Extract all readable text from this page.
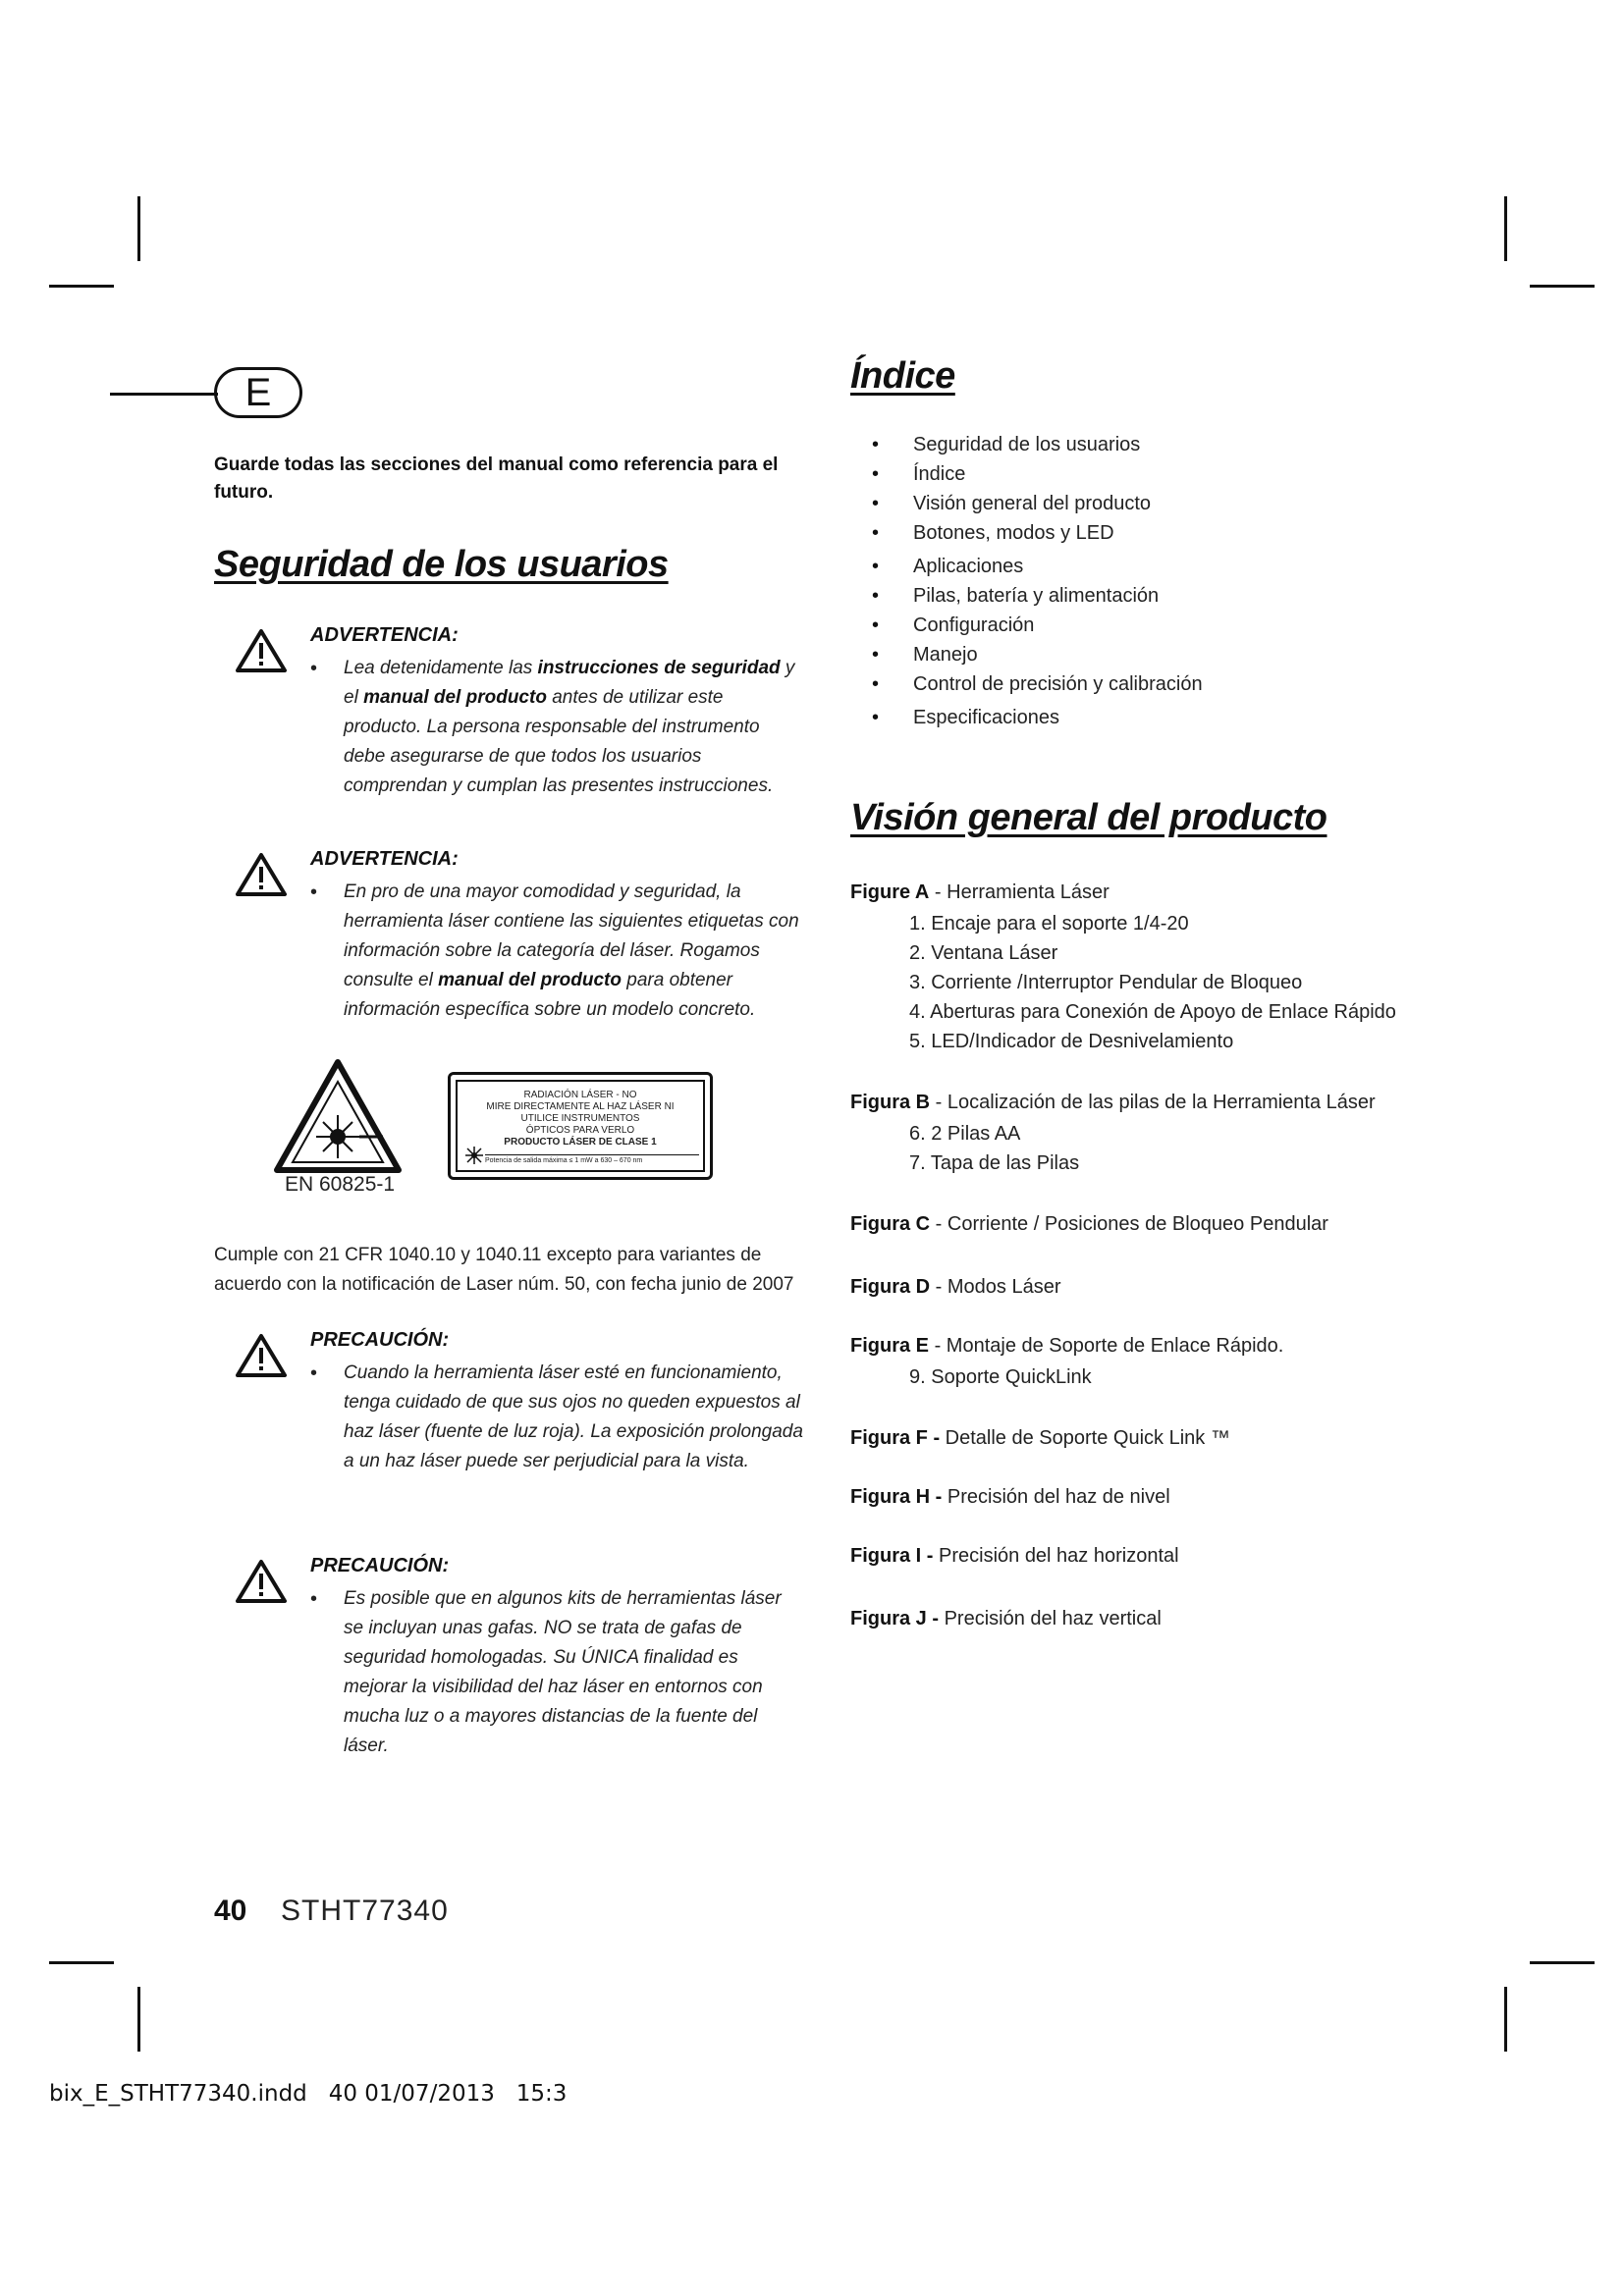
E
Guarde todas las secciones del manual como referencia para el futuro.
Seguridad de los usuarios
ADVERTENCIA:
• Lea detenidamente las instrucciones de seguridad y el manual del producto antes de utilizar este producto. La persona responsable del instrumento debe asegurarse de que todos los usuarios comprendan y cumplan las presentes instrucciones.
ADVERTENCIA:
• En pro de una mayor comodidad y seguridad, la herramienta láser contiene las siguientes etiquetas con información sobre la categoría del láser. Rogamos consulte el manual del producto para obtener información específica sobre un modelo concreto.
EN 60825-1
RADIACIÓN LÁSER - NO
MIRE DIRECTAMENTE AL HAZ LÁSER NI
UTILICE INSTRUMENTOS
ÓPTICOS PARA VERLO
PRODUCTO LÁSER DE CLASE 1
Potencia de salida máxima ≤ 1 mW a 630 – 670 nm
Cumple con 21 CFR 1040.10 y 1040.11 excepto para variantes de acuerdo con la notificación de Laser núm. 50, con fecha junio de 2007
PRECAUCIÓN:
• Cuando la herramienta láser esté en funcionamiento, tenga cuidado de que sus ojos no queden expuestos al haz láser (fuente de luz roja). La exposición prolongada a un haz láser puede ser perjudicial para la vista.
PRECAUCIÓN:
• Es posible que en algunos kits de herramientas láser se incluyan unas gafas. NO se trata de gafas de seguridad homologadas. Su ÚNICA finalidad es mejorar la visibilidad del haz láser en entornos con mucha luz o a mayores distancias de la fuente del láser.
Índice
• Seguridad de los usuarios
• Índice
• Visión general del producto
• Botones, modos y LED
• Aplicaciones
• Pilas, batería y alimentación
• Configuración
• Manejo
• Control de precisión y calibración
• Especificaciones
Visión general del producto
Figure A - Herramienta Láser
1. Encaje para el soporte 1/4-20
2. Ventana Láser
3. Corriente /Interruptor Pendular de Bloqueo
4. Aberturas para Conexión de Apoyo de Enlace Rápido
5. LED/Indicador de Desnivelamiento
Figura B - Localización de las pilas de la Herramienta Láser
6. 2 Pilas AA
7. Tapa de las Pilas
Figura C - Corriente / Posiciones de Bloqueo Pendular
Figura D - Modos Láser
Figura E - Montaje de Soporte de Enlace Rápido.
9. Soporte QuickLink
Figura F - Detalle de Soporte Quick Link ™
Figura H - Precisión del haz de nivel
Figura I - Precisión del haz horizontal
Figura J - Precisión del haz vertical
40 STHT77340
bix_E_STHT77340.indd   40 01/07/2013   15:3
